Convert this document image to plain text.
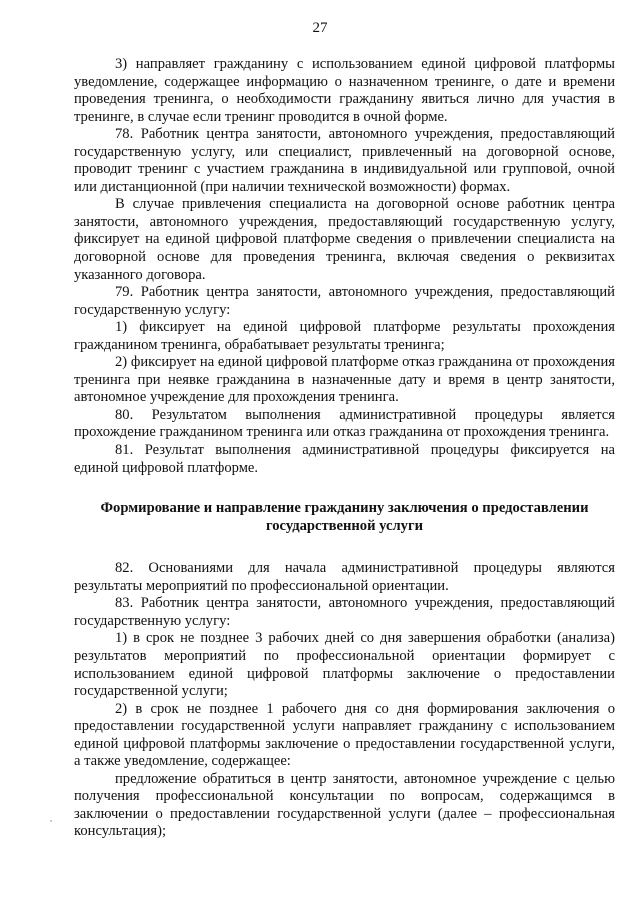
27

3) направляет гражданину с использованием единой цифровой платформы уведомление, содержащее информацию о назначенном тренинге, о дате и времени проведения тренинга, о необходимости гражданину явиться лично для участия в тренинге, в случае если тренинг проводится в очной форме.

78. Работник центра занятости, автономного учреждения, предоставляющий государственную услугу, или специалист, привлеченный на договорной основе, проводит тренинг с участием гражданина в индивидуальной или групповой, очной или дистанционной (при наличии технической возможности) формах.

В случае привлечения специалиста на договорной основе работник центра занятости, автономного учреждения, предоставляющий государственную услугу, фиксирует на единой цифровой платформе сведения о привлечении специалиста на договорной основе для проведения тренинга, включая сведения о реквизитах указанного договора.

79. Работник центра занятости, автономного учреждения, предоставляющий государственную услугу:

1) фиксирует на единой цифровой платформе результаты прохождения гражданином тренинга, обрабатывает результаты тренинга;

2) фиксирует на единой цифровой платформе отказ гражданина от прохождения тренинга при неявке гражданина в назначенные дату и время в центр занятости, автономное учреждение для прохождения тренинга.

80. Результатом выполнения административной процедуры является прохождение гражданином тренинга или отказ гражданина от прохождения тренинга.

81. Результат выполнения административной процедуры фиксируется на единой цифровой платформе.

Формирование и направление гражданину заключения о предоставлении государственной услуги

82. Основаниями для начала административной процедуры являются результаты мероприятий по профессиональной ориентации.

83. Работник центра занятости, автономного учреждения, предоставляющий государственную услугу:

1) в срок не позднее 3 рабочих дней со дня завершения обработки (анализа) результатов мероприятий по профессиональной ориентации формирует с использованием единой цифровой платформы заключение о предоставлении государственной услуги;

2) в срок не позднее 1 рабочего дня со дня формирования заключения о предоставлении государственной услуги направляет гражданину с использованием единой цифровой платформы заключение о предоставлении государственной услуги, а также уведомление, содержащее:

предложение обратиться в центр занятости, автономное учреждение с целью получения профессиональной консультации по вопросам, содержащимся в заключении о предоставлении государственной услуги (далее – профессиональная консультация);
